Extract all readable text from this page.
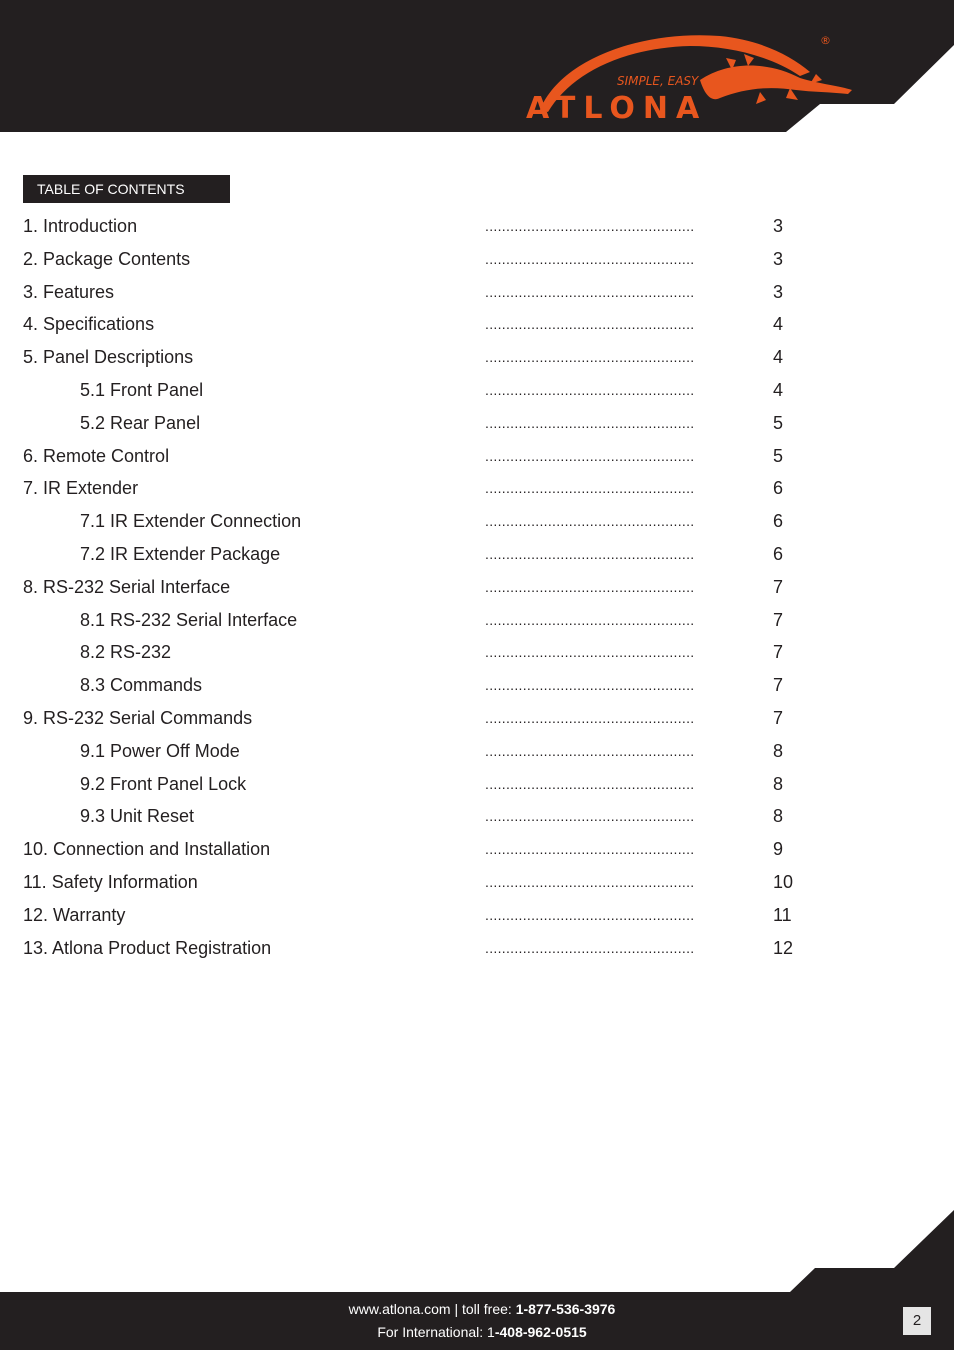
SIMPLE, EASY
ATLONA
®
TABLE OF CONTENTS
1. Introduction	..................................................	3
2. Package Contents	..................................................	3
3. Features	..................................................	3
4. Specifications	..................................................	4
5. Panel Descriptions	..................................................	4
5.1 Front Panel	..................................................	4
5.2 Rear Panel	..................................................	5
6. Remote Control	..................................................	5
7. IR Extender	..................................................	6
7.1 IR Extender Connection	..................................................	6
7.2 IR Extender Package	..................................................	6
8. RS-232 Serial Interface	..................................................	7
8.1 RS-232 Serial Interface	..................................................	7
8.2 RS-232	..................................................	7
8.3 Commands	..................................................	7
9. RS-232 Serial Commands	..................................................	7
9.1 Power Off Mode	..................................................	8
9.2 Front Panel Lock	..................................................	8
9.3 Unit Reset	..................................................	8
10. Connection and Installation	..................................................	9
11. Safety Information	..................................................	10
12. Warranty	..................................................	11
13. Atlona Product Registration	..................................................	12
www.atlona.com | toll free: 1-877-536-3976
For International: 1-408-962-0515
2
